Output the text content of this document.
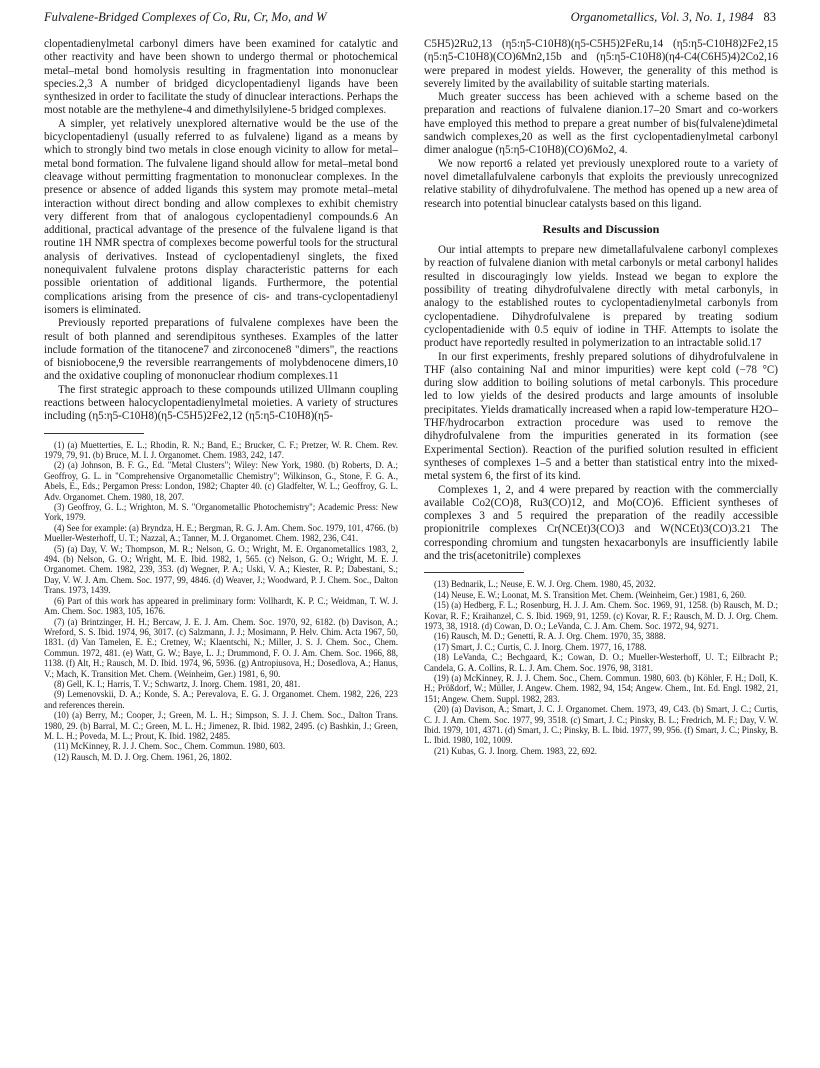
Fulvalene-Bridged Complexes of Co, Ru, Cr, Mo, and W	Organometallics, Vol. 3, No. 1, 1984 83

clopentadienylmetal carbonyl dimers have been examined for catalytic and other reactivity and have been shown to undergo thermal or photochemical metal–metal bond homolysis resulting in fragmentation into mononuclear species.2,3 A number of bridged dicyclopentadienyl ligands have been synthesized in order to facilitate the study of dinuclear interactions. Perhaps the most notable are the methylene-4 and dimethylsilylene-5 bridged complexes.

A simpler, yet relatively unexplored alternative would be the use of the bicyclopentadienyl (usually referred to as fulvalene) ligand as a means by which to strongly bind two metals in close enough vicinity to allow for metal–metal bond formation. The fulvalene ligand should allow for metal–metal bond cleavage without permitting fragmentation to mononuclear complexes. In the presence or absence of added ligands this system may promote metal–metal interaction without direct bonding and allow complexes to exhibit chemistry very different from that of analogous cyclopentadienyl compounds.6 An additional, practical advantage of the presence of the fulvalene ligand is that routine 1H NMR spectra of complexes become powerful tools for the structural analysis of derivatives. Instead of cyclopentadienyl singlets, the fixed nonequivalent fulvalene protons display characteristic patterns for each possible orientation of additional ligands. Furthermore, the potential complications arising from the presence of cis- and trans-cyclopentadienyl isomers is eliminated.

Previously reported preparations of fulvalene complexes have been the result of both planned and serendipitous syntheses. Examples of the latter include formation of the titanocene7 and zirconocene8 "dimers", the reactions of bisniobocene,9 the reversible rearrangements of molybdenocene dimers,10 and the oxidative coupling of mononuclear rhodium complexes.11

The first strategic approach to these compounds utilized Ullmann coupling reactions between halocyclopentadienylmetal moieties. A variety of structures including (η5:η5-C10H8)(η5-C5H5)2Fe2,12 (η5:η5-C10H8)(η5-

(1) (a) Muetterties, E. L.; Rhodin, R. N.; Band, E.; Brucker, C. F.; Pretzer, W. R. Chem. Rev. 1979, 79, 91. (b) Bruce, M. I. J. Organomet. Chem. 1983, 242, 147.
(2) (a) Johnson, B. F. G., Ed. "Metal Clusters"; Wiley: New York, 1980. (b) Roberts, D. A.; Geoffroy, G. L. in "Comprehensive Organometallic Chemistry"; Wilkinson, G., Stone, F. G. A., Abels, E., Eds.; Pergamon Press: London, 1982; Chapter 40. (c) Gladfelter, W. L.; Geoffroy, G. L. Adv. Organomet. Chem. 1980, 18, 207.
(3) Geoffroy, G. L.; Wrighton, M. S. "Organometallic Photochemistry"; Academic Press: New York, 1979.
(4) See for example: (a) Bryndza, H. E.; Bergman, R. G. J. Am. Chem. Soc. 1979, 101, 4766. (b) Mueller-Westerhoff, U. T.; Nazzal, A.; Tanner, M. J. Organomet. Chem. 1982, 236, C41.
(5) (a) Day, V. W.; Thompson, M. R.; Nelson, G. O.; Wright, M. E. Organometallics 1983, 2, 494. (b) Nelson, G. O.; Wright, M. E. Ibid. 1982, 1, 565. (c) Nelson, G. O.; Wright, M. E. J. Organomet. Chem. 1982, 239, 353. (d) Wegner, P. A.; Uski, V. A.; Kiester, R. P.; Dabestani, S.; Day, V. W. J. Am. Chem. Soc. 1977, 99, 4846. (d) Weaver, J.; Woodward, P. J. Chem. Soc., Dalton Trans. 1973, 1439.
(6) Part of this work has appeared in preliminary form: Vollhardt, K. P. C.; Weidman, T. W. J. Am. Chem. Soc. 1983, 105, 1676.
(7) (a) Brintzinger, H. H.; Bercaw, J. E. J. Am. Chem. Soc. 1970, 92, 6182. (b) Davison, A.; Wreford, S. S. Ibid. 1974, 96, 3017. (c) Salzmann, J. J.; Mosimann, P. Helv. Chim. Acta 1967, 50, 1831. (d) Van Tamelen, E. E.; Cretney, W.; Klaentschi, N.; Miller, J. S. J. Chem. Soc., Chem. Commun. 1972, 481. (e) Watt, G. W.; Baye, L. J.; Drummond, F. O. J. Am. Chem. Soc. 1966, 88, 1138. (f) Alt, H.; Rausch, M. D. Ibid. 1974, 96, 5936. (g) Antropiusova, H.; Dosedlova, A.; Hanus, V.; Mach, K. Transition Met. Chem. (Weinheim, Ger.) 1981, 6, 90.
(8) Gell, K. I.; Harris, T. V.; Schwartz, J. Inorg. Chem. 1981, 20, 481.
(9) Lemenovskii, D. A.; Konde, S. A.; Perevalova, E. G. J. Organomet. Chem. 1982, 226, 223 and references therein.
(10) (a) Berry, M.; Cooper, J.; Green, M. L. H.; Simpson, S. J. J. Chem. Soc., Dalton Trans. 1980, 29. (b) Barral, M. C.; Green, M. L. H.; Jimenez, R. Ibid. 1982, 2495. (c) Bashkin, J.; Green, M. L. H.; Poveda, M. L.; Prout, K. Ibid. 1982, 2485.
(11) McKinney, R. J. J. Chem. Soc., Chem. Commun. 1980, 603.
(12) Rausch, M. D. J. Org. Chem. 1961, 26, 1802.

C5H5)2Ru2,13 (η5:η5-C10H8)(η5-C5H5)2FeRu,14 (η5:η5-C10H8)2Fe2,15 (η5:η5-C10H8)(CO)6Mn2,15b and (η5:η5-C10H8)(η4-C4(C6H5)4)2Co2,16 were prepared in modest yields. However, the generality of this method is severely limited by the availability of suitable starting materials.

Much greater success has been achieved with a scheme based on the preparation and reactions of fulvalene dianion.17–20 Smart and co-workers have employed this method to prepare a great number of bis(fulvalene)dimetal sandwich complexes,20 as well as the first cyclopentadienylmetal carbonyl dimer analogue (η5:η5-C10H8)(CO)6Mo2, 4.

We now report6 a related yet previously unexplored route to a variety of novel dimetallafulvalene carbonyls that exploits the previously unrecognized relative stability of dihydrofulvalene. The method has opened up a new area of research into potential binuclear catalysts based on this ligand.

Results and Discussion

Our intial attempts to prepare new dimetallafulvalene carbonyl complexes by reaction of fulvalene dianion with metal carbonyls or metal carbonyl halides resulted in discouragingly low yields. Instead we began to explore the possibility of treating dihydrofulvalene directly with metal carbonyls, in analogy to the established routes to cyclopentadienylmetal carbonyls from cyclopentadiene. Dihydrofulvalene is prepared by treating sodium cyclopentadienide with 0.5 equiv of iodine in THF. Attempts to isolate the product have reportedly resulted in polymerization to an intractable solid.17

In our first experiments, freshly prepared solutions of dihydrofulvalene in THF (also containing NaI and minor impurities) were kept cold (−78 °C) during slow addition to boiling solutions of metal carbonyls. This procedure led to low yields of the desired products and large amounts of insoluble precipitates. Yields dramatically increased when a rapid low-temperature H2O–THF/hydrocarbon extraction procedure was used to remove the dihydrofulvalene from the impurities generated in its formation (see Experimental Section). Reaction of the purified solution resulted in efficient syntheses of complexes 1–5 and a better than statistical entry into the mixed-metal system 6, the first of its kind.

Complexes 1, 2, and 4 were prepared by reaction with the commercially available Co2(CO)8, Ru3(CO)12, and Mo(CO)6. Efficient syntheses of complexes 3 and 5 required the preparation of the readily accessible propionitrile complexes Cr(NCEt)3(CO)3 and W(NCEt)3(CO)3.21 The corresponding chromium and tungsten hexacarbonyls are insufficiently labile and the tris(acetonitrile) complexes

(13) Bednarik, L.; Neuse, E. W. J. Org. Chem. 1980, 45, 2032.
(14) Neuse, E. W.; Loonat, M. S. Transition Met. Chem. (Weinheim, Ger.) 1981, 6, 260.
(15) (a) Hedberg, F. L.; Rosenburg, H. J. J. Am. Chem. Soc. 1969, 91, 1258. (b) Rausch, M. D.; Kovar, R. F.; Kraihanzel, C. S. Ibid. 1969, 91, 1259. (c) Kovar, R. F.; Rausch, M. D. J. Org. Chem. 1973, 38, 1918. (d) Cowan, D. O.; LeVanda, C. J. Am. Chem. Soc. 1972, 94, 9271.
(16) Rausch, M. D.; Genetti, R. A. J. Org. Chem. 1970, 35, 3888.
(17) Smart, J. C.; Curtis, C. J. Inorg. Chem. 1977, 16, 1788.
(18) LeVanda, C.; Bechgaard, K.; Cowan, D. O.; Mueller-Westerhoff, U. T.; Eilbracht P.; Candela, G. A. Collins, R. L. J. Am. Chem. Soc. 1976, 98, 3181.
(19) (a) McKinney, R. J. J. Chem. Soc., Chem. Commun. 1980, 603. (b) Köhler, F. H.; Doll, K. H.; Prößdorf, W.; Müller, J. Angew. Chem. 1982, 94, 154; Angew. Chem., Int. Ed. Engl. 1982, 21, 151; Angew. Chem. Suppl. 1982, 283.
(20) (a) Davison, A.; Smart, J. C. J. Organomet. Chem. 1973, 49, C43. (b) Smart, J. C.; Curtis, C. J. J. Am. Chem. Soc. 1977, 99, 3518. (c) Smart, J. C.; Pinsky, B. L.; Fredrich, M. F.; Day, V. W. Ibid. 1979, 101, 4371. (d) Smart, J. C.; Pinsky, B. L. Ibid. 1977, 99, 956. (f) Smart, J. C.; Pinsky, B. L. Ibid. 1980, 102, 1009.
(21) Kubas, G. J. Inorg. Chem. 1983, 22, 692.
